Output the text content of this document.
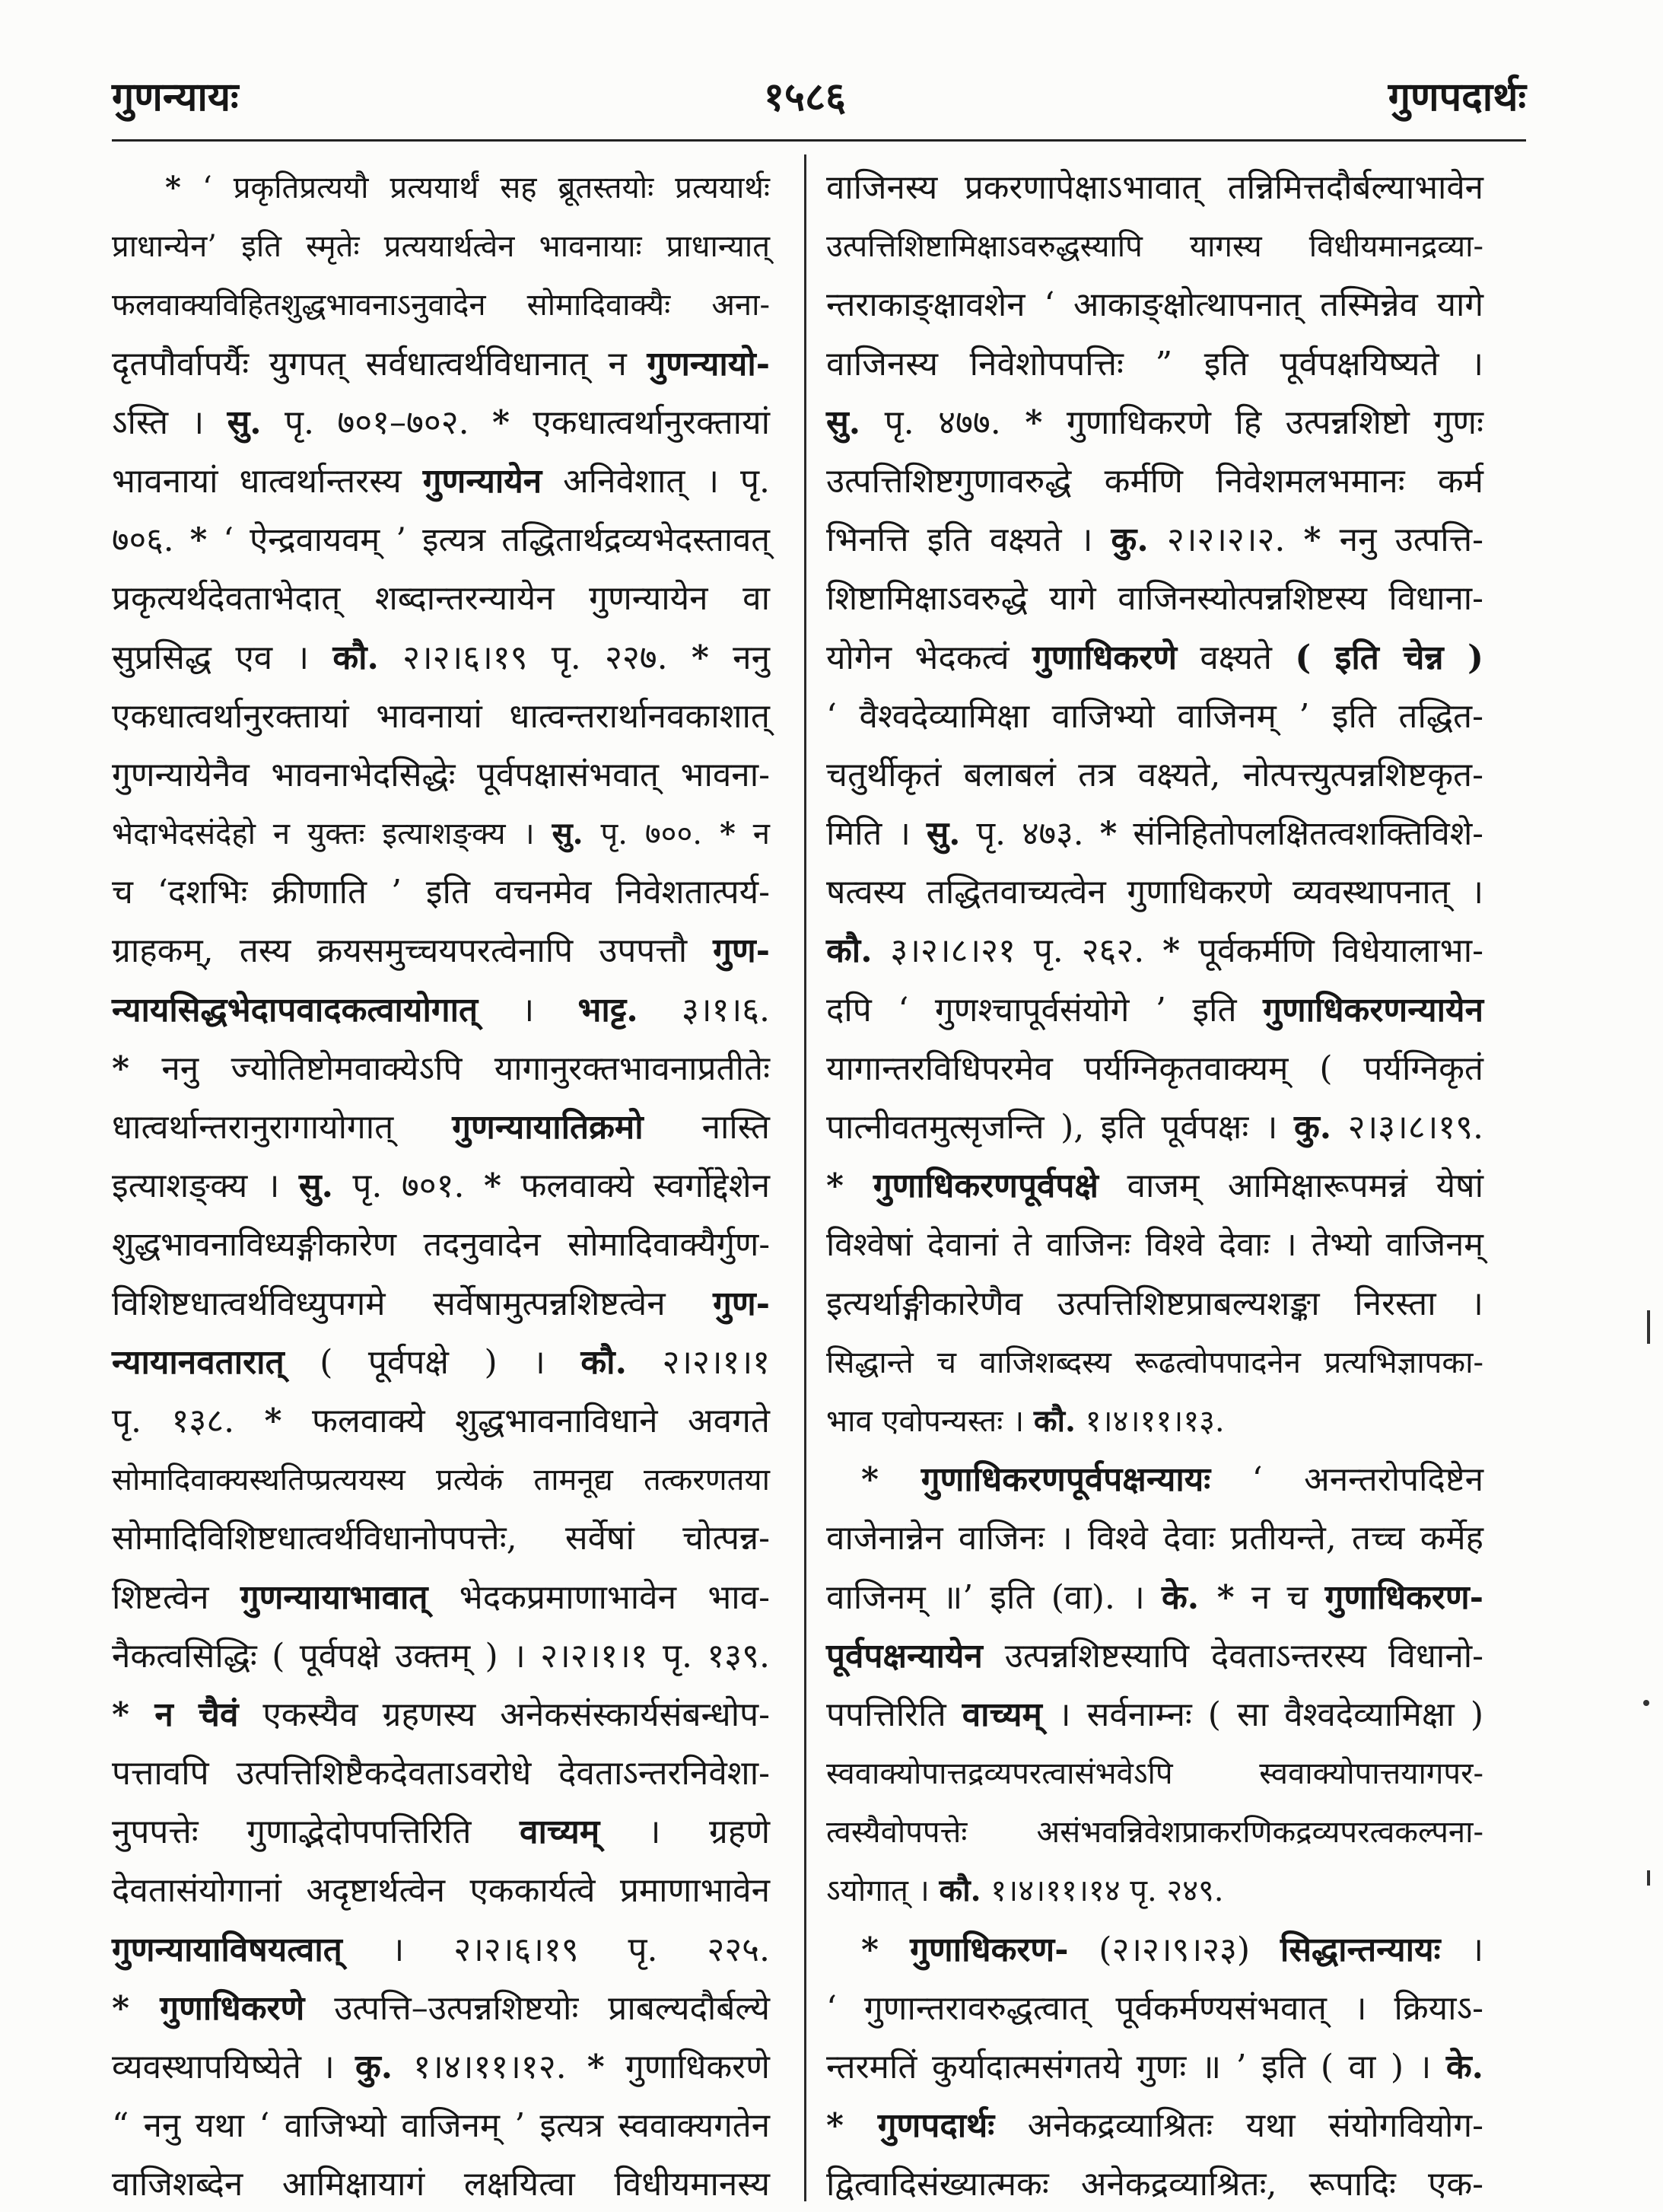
गुणन्यायः	१५८६	गुणपदार्थः
* ‘ प्रकृतिप्रत्ययौ प्रत्ययार्थं सह ब्रूतस्तयोः प्रत्ययार्थः
प्राधान्येन’ इति स्मृतेः प्रत्ययार्थत्वेन भावनायाः प्राधान्यात्
फलवाक्यविहितशुद्धभावनाऽनुवादेन सोमादिवाक्यैः अना-
दृतपौर्वापर्यैः युगपत् सर्वधात्वर्थविधानात् न गुणन्यायो-
ऽस्ति । सु. पृ. ७०१–७०२. * एकधात्वर्थानुरक्तायां
भावनायां धात्वर्थान्तरस्य गुणन्यायेन अनिवेशात् । पृ.
७०६. * ‘ ऐन्द्रवायवम् ’ इत्यत्र तद्धितार्थद्रव्यभेदस्तावत्
प्रकृत्यर्थदेवताभेदात् शब्दान्तरन्यायेन गुणन्यायेन वा
सुप्रसिद्ध एव । कौ. २।२।६।१९ पृ. २२७. * ननु
एकधात्वर्थानुरक्तायां भावनायां धात्वन्तरार्थानवकाशात्
गुणन्यायेनैव भावनाभेदसिद्धेः पूर्वपक्षासंभवात् भावना-
भेदाभेदसंदेहो न युक्तः इत्याशङ्क्य । सु. पृ. ७००. * न
च ‘दशभिः क्रीणाति ’ इति वचनमेव निवेशतात्पर्य-
ग्राहकम्, तस्य क्रयसमुच्चयपरत्वेनापि उपपत्तौ गुण-
न्यायसिद्धभेदापवादकत्वायोगात् । भाट्ट. ३।१।६.
* ननु ज्योतिष्टोमवाक्येऽपि यागानुरक्तभावनाप्रतीतेः
धात्वर्थान्तरानुरागायोगात् गुणन्यायातिक्रमो नास्ति
इत्याशङ्क्य । सु. पृ. ७०१. * फलवाक्ये स्वर्गोद्देशेन
शुद्धभावनाविध्यङ्गीकारेण तदनुवादेन सोमादिवाक्यैर्गुण-
विशिष्टधात्वर्थविध्युपगमे सर्वेषामुत्पन्नशिष्टत्वेन गुण-
न्यायानवतारात् ( पूर्वपक्षे ) । कौ. २।२।१।१
पृ. १३८. * फलवाक्ये शुद्धभावनाविधाने अवगते
सोमादिवाक्यस्थतिप्प्रत्ययस्य प्रत्येकं तामनूद्य तत्करणतया
सोमादिविशिष्टधात्वर्थविधानोपपत्तेः, सर्वेषां चोत्पन्न-
शिष्टत्वेन गुणन्यायाभावात् भेदकप्रमाणाभावेन भाव-
नैकत्वसिद्धिः ( पूर्वपक्षे उक्तम् ) । २।२।१।१ पृ. १३९.
* न चैवं एकस्यैव ग्रहणस्य अनेकसंस्कार्यसंबन्धोप-
पत्तावपि उत्पत्तिशिष्टैकदेवताऽवरोधे देवताऽन्तरनिवेशा-
नुपपत्तेः गुणाद्भेदोपपत्तिरिति वाच्यम् । ग्रहणे
देवतासंयोगानां अदृष्टार्थत्वेन एककार्यत्वे प्रमाणाभावेन
गुणन्यायाविषयत्वात् । २।२।६।१९ पृ. २२५.
* गुणाधिकरणे उत्पत्ति–उत्पन्नशिष्टयोः प्राबल्यदौर्बल्ये
व्यवस्थापयिष्येते । कु. १।४।११।१२. * गुणाधिकरणे
“ ननु यथा ‘ वाजिभ्यो वाजिनम् ’ इत्यत्र स्ववाक्यगतेन
वाजिशब्देन आमिक्षायागं लक्षयित्वा विधीयमानस्य
वाजिनस्य प्रकरणापेक्षाऽभावात् तन्निमित्तदौर्बल्याभावेन
उत्पत्तिशिष्टामिक्षाऽवरुद्धस्यापि यागस्य विधीयमानद्रव्या-
न्तराकाङ्क्षावशेन ‘ आकाङ्क्षोत्थापनात् तस्मिन्नेव यागे
वाजिनस्य निवेशोपपत्तिः ” इति पूर्वपक्षयिष्यते ।
सु. पृ. ४७७. * गुणाधिकरणे हि उत्पन्नशिष्टो गुणः
उत्पत्तिशिष्टगुणावरुद्धे कर्मणि निवेशमलभमानः कर्म
भिनत्ति इति वक्ष्यते । कु. २।२।२।२. * ननु उत्पत्ति-
शिष्टामिक्षाऽवरुद्धे यागे वाजिनस्योत्पन्नशिष्टस्य विधाना-
योगेन भेदकत्वं गुणाधिकरणे वक्ष्यते ( इति चेन्न )
‘ वैश्वदेव्यामिक्षा वाजिभ्यो वाजिनम् ’ इति तद्धित-
चतुर्थीकृतं बलाबलं तत्र वक्ष्यते, नोत्पत्त्युत्पन्नशिष्टकृत-
मिति । सु. पृ. ४७३. * संनिहितोपलक्षितत्वशक्तिविशे-
षत्वस्य तद्धितवाच्यत्वेन गुणाधिकरणे व्यवस्थापनात् ।
कौ. ३।२।८।२१ पृ. २६२. * पूर्वकर्मणि विधेयालाभा-
दपि ‘ गुणश्चापूर्वसंयोगे ’ इति गुणाधिकरणन्यायेन
यागान्तरविधिपरमेव पर्यग्निकृतवाक्यम् ( पर्यग्निकृतं
पात्नीवतमुत्सृजन्ति ), इति पूर्वपक्षः । कु. २।३।८।१९.
* गुणाधिकरणपूर्वपक्षे वाजम् आमिक्षारूपमन्नं येषां
विश्वेषां देवानां ते वाजिनः विश्वे देवाः । तेभ्यो वाजिनम्
इत्यर्थाङ्गीकारेणैव उत्पत्तिशिष्टप्राबल्यशङ्का निरस्ता ।
सिद्धान्ते च वाजिशब्दस्य रूढत्वोपपादनेन प्रत्यभिज्ञापका-
भाव एवोपन्यस्तः । कौ. १।४।११।१३.
* गुणाधिकरणपूर्वपक्षन्यायः ‘ अनन्तरोपदिष्टेन
वाजेनान्नेन वाजिनः । विश्वे देवाः प्रतीयन्ते, तच्च कर्मेह
वाजिनम् ॥’ इति (वा). । के. * न च गुणाधिकरण-
पूर्वपक्षन्यायेन उत्पन्नशिष्टस्यापि देवताऽन्तरस्य विधानो-
पपत्तिरिति वाच्यम् । सर्वनाम्नः ( सा वैश्वदेव्यामिक्षा )
स्ववाक्योपात्तद्रव्यपरत्वासंभवेऽपि स्ववाक्योपात्तयागपर-
त्वस्यैवोपपत्तेः असंभवन्निवेशप्राकरणिकद्रव्यपरत्वकल्पना-
ऽयोगात् । कौ. १।४।११।१४ पृ. २४९.
* गुणाधिकरण- (२।२।९।२३) सिद्धान्तन्यायः ।
‘ गुणान्तरावरुद्धत्वात् पूर्वकर्मण्यसंभवात् । क्रियाऽ-
न्तरमतिं कुर्यादात्मसंगतये गुणः ॥ ’ इति ( वा ) । के.
* गुणपदार्थः अनेकद्रव्याश्रितः यथा संयोगवियोग-
द्वित्वादिसंख्यात्मकः अनेकद्रव्याश्रितः, रूपादिः एक-
